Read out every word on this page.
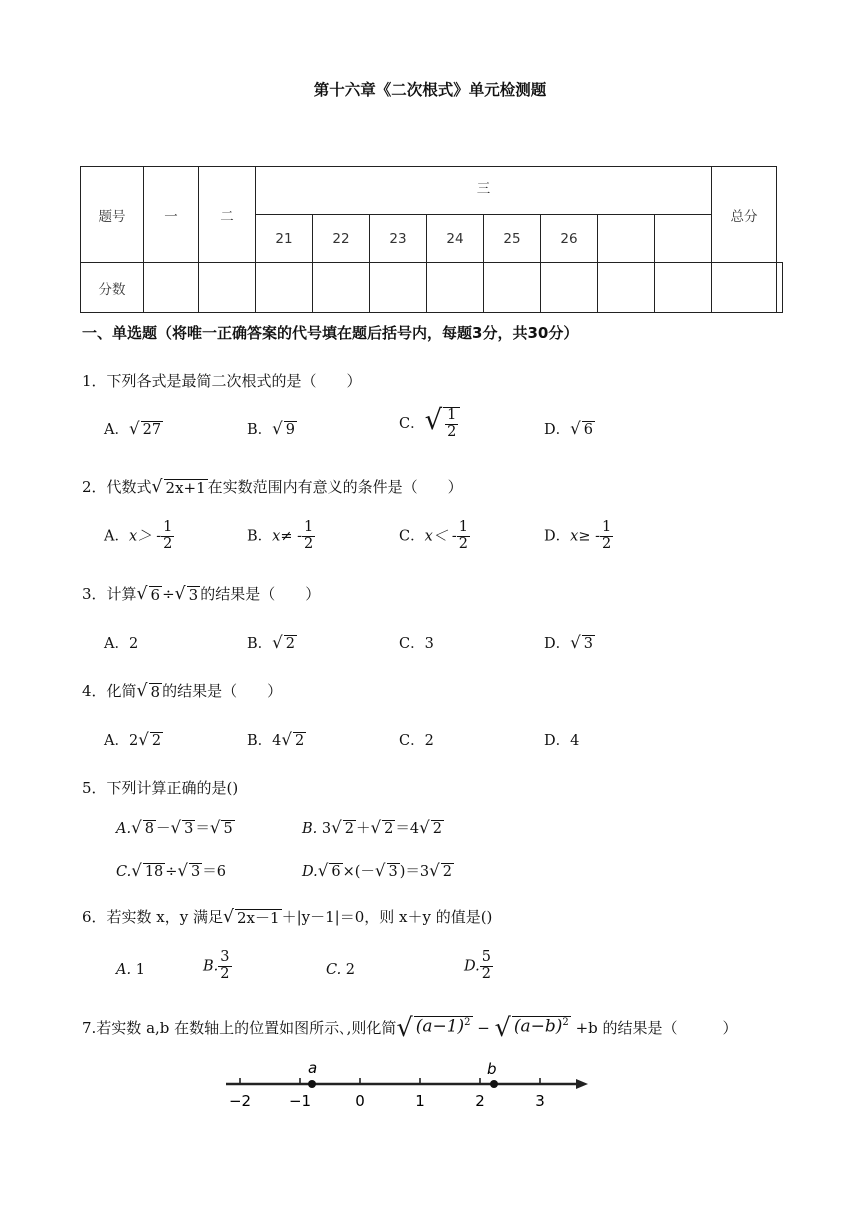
第十六章《二次根式》单元检测题
题号	一	二	三								总分	
			21	22	23	24	25	26				
分数												
一、单选题（将唯一正确答案的代号填在题后括号内，每题3分，共30分）
1．下列各式是最简二次根式的是（　　）
A． √ 27	B． √ 9	C． √ $\frac{1}{2}$	D． √ 6
2．代数式 √ 2x+1 在实数范围内有意义的条件是（　　）
A．$x> - \frac{1}{2}$	B．$x\ne - \frac{1}{2}$	C．$x< - \frac{1}{2}$	D．$x\ge - \frac{1}{2}$
3．计算 √ 6 ÷ √ 3 的结果是（　　）
A．2	B． √ 2	C．3	D． √ 3
4．化简 √ 8 的结果是（　　）
A．2 √ 2	B．4 √ 2	C．2	D．4
5．下列计算正确的是()
A. √ 8 － √ 3 ＝ √ 5	B. 3 √ 2 ＋ √ 2 ＝4 √ 2
C. √ 18 ÷ √ 3 ＝6	D. √ 6 ×(－ √ 3 )＝3 √ 2
6．若实数 x，y 满足 √ 2x－1 ＋|y－1|＝0，则 x＋y 的值是()
A. 1	B. $\frac{3}{2}$	C. 2	D. $\frac{5}{2}$
7.若实数 a,b 在数轴上的位置如图所示､,则化简 √ $(a-1)^2$ − √ $(a-b)^2 +b$ 的结果是（　　　）
−2	−1	0	1	2	3
a	b
